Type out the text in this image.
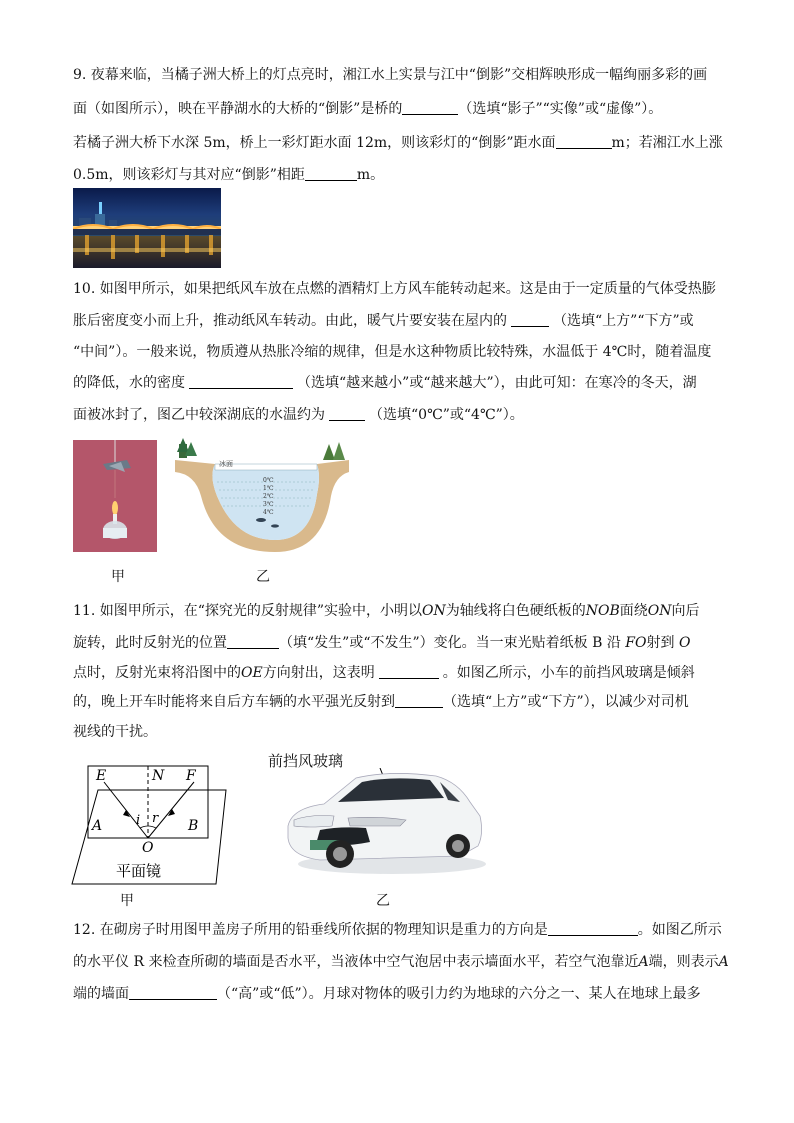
9. 夜幕来临，当橘子洲大桥上的灯点亮时，湘江水上实景与江中“倒影”交相辉映形成一幅绚丽多彩的画
面（如图所示），映在平静湖水的大桥的“倒影”是桥的	（选填“影子”“实像”或“虚像”）。
若橘子洲大桥下水深 5m，桥上一彩灯距水面 12m，则该彩灯的“倒影”距水面	m；若湘江水上涨
0.5m，则该彩灯与其对应“倒影”相距	m。
10. 如图甲所示，如果把纸风车放在点燃的酒精灯上方风车能转动起来。这是由于一定质量的气体受热膨
胀后密度变小而上升，推动纸风车转动。由此，暖气片要安装在屋内的	（选填“上方”“下方”或
“中间”）。一般来说，物质遵从热胀冷缩的规律，但是水这种物质比较特殊，水温低于 4℃时，随着温度
的降低，水的密度	（选填“越来越小”或“越来越大”），由此可知：在寒冷的冬天，湖
面被冰封了，图乙中较深湖底的水温约为	（选填“0℃”或“4℃”）。
冰面
0℃
1℃
2℃
3℃
4℃
甲	乙
11. 如图甲所示，在“探究光的反射规律”实验中，小明以ON为轴线将白色硬纸板的NOB面绕ON向后
旋转，此时反射光的位置	（填“发生”或“不发生”）变化。当一束光贴着纸板 B 沿 FO射到 O
点时，反射光束将沿图中的OE方向射出，这表明	。如图乙所示，小车的前挡风玻璃是倾斜
的，晚上开车时能将来自后方车辆的水平强光反射到	（选填“上方”或“下方”），以减少对司机
视线的干扰。
E	N F
A	B
i r
O
平面镜
甲
前挡风玻璃
乙
12. 在砌房子时用图甲盖房子所用的铅垂线所依据的物理知识是重力的方向是	。如图乙所示
的水平仪 R 来检查所砌的墙面是否水平，当液体中空气泡居中表示墙面水平，若空气泡靠近A端，则表示A
端的墙面	（“高”或“低”）。月球对物体的吸引力约为地球的六分之一、某人在地球上最多
